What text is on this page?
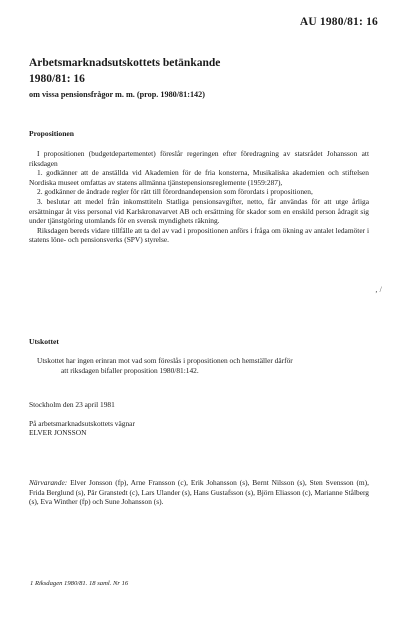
AU 1980/81: 16
Arbetsmarknadsutskottets betänkande
1980/81: 16
om vissa pensionsfrågor m. m. (prop. 1980/81:142)
Propositionen

I propositionen (budgetdepartementet) föreslår regeringen efter föredragning av statsrådet Johansson att riksdagen

1. godkänner att de anställda vid Akademien för de fria konsterna, Musikaliska akademien och stiftelsen Nordiska museet omfattas av statens allmänna tjänstepensionsreglemente (1959:287),

2. godkänner de ändrade regler för rätt till förordnandepension som förordats i propositionen,

3. beslutar att medel från inkomsttiteln Statliga pensionsavgifter, netto, får användas för att utge årliga ersättningar åt viss personal vid Karlskronavarvet AB och ersättning för skador som en enskild person ådragit sig under tjänstgöring utomlands för en svensk myndighets räkning.

Riksdagen bereds vidare tillfälle att ta del av vad i propositionen anförs i fråga om ökning av antalet ledamöter i statens löne- och pensionsverks (SPV) styrelse.

Utskottet

Utskottet har ingen erinran mot vad som föreslås i propositionen och hemställer därför

att riksdagen bifaller proposition 1980/81:142.

Stockholm den 23 april 1981
På arbetsmarknadsutskottets vägnar
ELVER JONSSON

Närvarande: Elver Jonsson (fp), Arne Fransson (c), Erik Johansson (s), Bernt Nilsson (s), Sten Svensson (m), Frida Berglund (s), Pär Granstedt (c), Lars Ulander (s), Hans Gustafsson (s), Björn Eliasson (c), Marianne Stålberg (s), Eva Winther (fp) och Sune Johansson (s).

‚ /
1 Riksdagen 1980/81. 18 saml. Nr 16
